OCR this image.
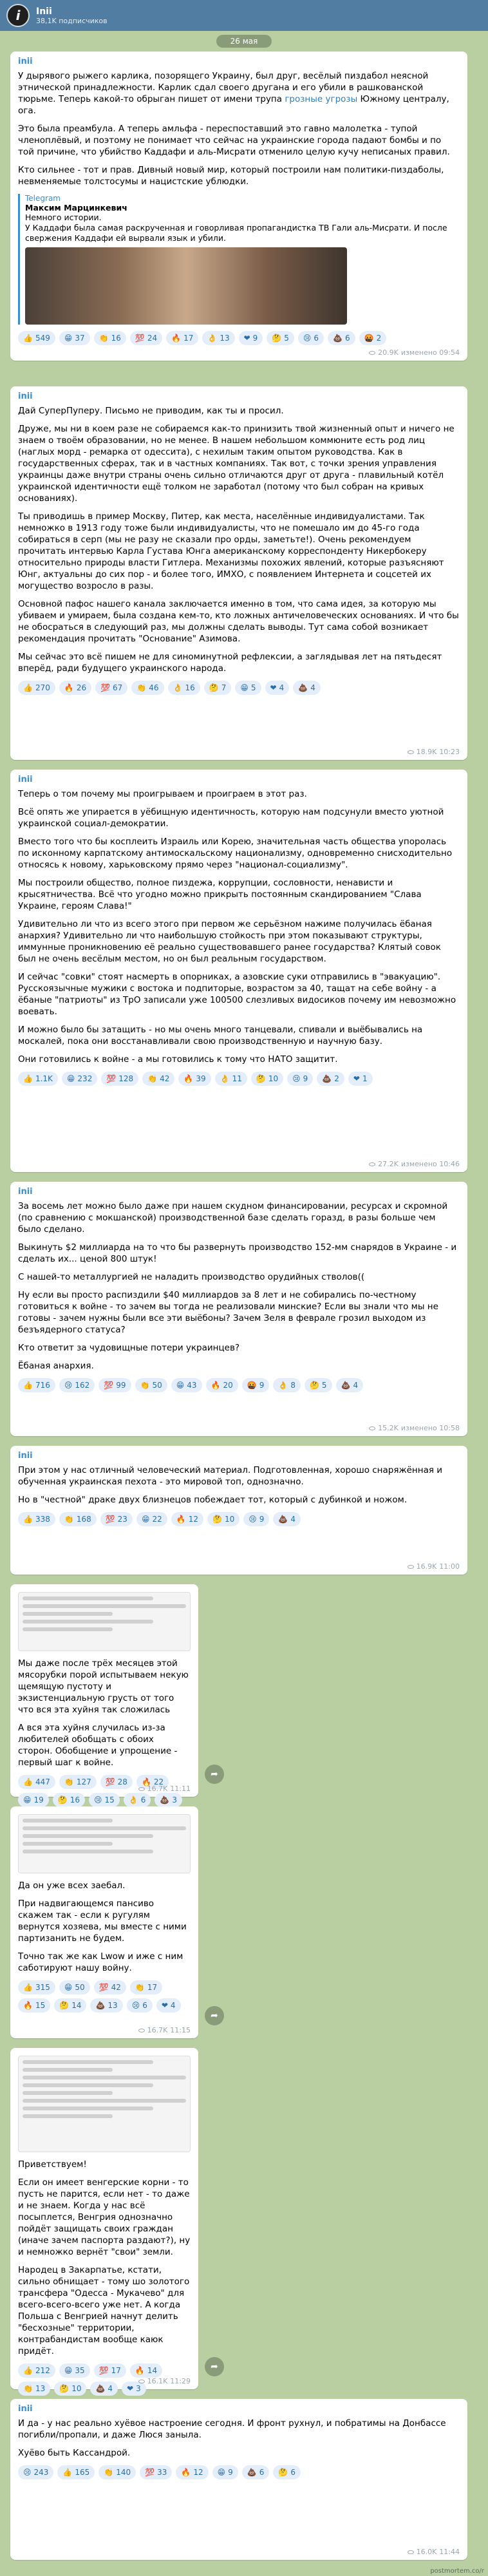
i	Inii
38,1K подписчиков
26 мая
inii

У дырявого рыжего карлика, позорящего Украину, был друг, весёлый пиздабол неясной этнической принадлежности. Карлик сдал своего другана и его убили в рашкованской тюрьме. Теперь какой-то обрыган пишет от имени трупа грозные угрозы Южному централу, ога.

Это была преамбула. А теперь амльфа - переспоставший это гавно малолетка - тупой членоплёвый, и поэтому не понимает что сейчас на украинские города падают бомбы и по той причине, что убийство Каддафи и аль-Мисрати отменило целую кучу неписаных правил.

Кто сильнее - тот и прав. Дивный новый мир, который построили нам политики-пиздаболы, невменяемые толстосумы и нацистские ублюдки.

Telegram
Максим Марцинкевич
Немного истории.
У Каддафи была самая раскрученная и говорливая пропагандистка ТВ Гали аль-Мисрати. И после свержения Каддафи ей вырвали язык и убили.
👍 549 😁 37 👏 16 💯 24 🔥 17 👌 13 ❤ 9 🤔 5 😢 6 💩 6 🤬 2
20.9K изменено 09:54
inii

Дай СуперПуперу. Письмо не приводим, как ты и просил.

Друже, мы ни в коем разе не собираемся как-то принизить твой жизненный опыт и ничего не знаем о твоём образовании, но не менее. В нашем небольшом коммюните есть род лиц (наглых морд - ремарка от одессита), с нехилым таким опытом руководства. Как в государственных сферах, так и в частных компаниях. Так вот, с точки зрения управления украинцы даже внутри страны очень сильно отличаются друг от друга - плавильный котёл украинской идентичности ещё толком не заработал (потому что был собран на кривых основаниях).

Ты приводишь в пример Москву, Питер, как места, населённые индивидуалистами. Так немножко в 1913 году тоже были индивидуалисты, что не помешало им до 45-го года собираться в серп (мы не разу не сказали про орды, заметьте!). Очень рекомендуем прочитать интервью Карла Густава Юнга американскому корреспонденту Никербокеру относительно природы власти Гитлера. Механизмы похожих явлений, которые разъясняют Юнг, актуальны до сих пор - и более того, ИМХО, с появлением Интернета и соцсетей их могущество возросло в разы.

Основной пафос нашего канала заключается именно в том, что сама идея, за которую мы убиваем и умираем, была создана кем-то, кто ложных античеловеческих основаниях. И что бы не обосрaться в следующий раз, мы должны сделать выводы. Тут сама собой возникает рекомендация прочитать "Основание" Азимова.

Мы сейчас это всё пишем не для синоминутной рефлексии, а заглядывая лет на пятьдесят вперёд, ради будущего украинского народа.

👍 270 🔥 26 💯 67 👏 46 👌 16 🤔 7 😁 5 ❤ 4 💩 4
18.9K 10:23
inii

Теперь о том почему мы проигрываем и проиграем в этот раз.

Всё опять же упирается в уёбищную идентичность, которую нам подсунули вместо уютной украинской социал-демократии.

Вместо того что бы косплеить Израиль или Корею, значительная часть общества упоролась по исконному карпатскому антимоскальскому национализму, одновременно снисходительно относясь к новому, харьковскому прямо через "национал-социализму".

Мы построили общество, полное пиздежа, коррупции, сословности, ненависти и крысятничества. Всё что угодно можно прикрыть постоянным скандированием "Слава Украине, героям Слава!"

Удивительно ли что из всего этого при первом же серьёзном нажиме получилась ёбаная анархия? Удивительно ли что наибольшую стойкость при этом показывают структуры, иммунные проникновению её реально существовавшего ранее государства? Клятый совок был не очень весёлым местом, но он был реальным государством.

И сейчас "совки" стоят насмерть в опорниках, а азовские суки отправились в "эвакуацию". Русскоязычные мужики с востока и подпиторые, возрастом за 40, тащат на себе войну - а ёбаные "патриоты" из ТрО записали уже 100500 слезливых видосиков почему им невозможно воевать.

И можно было бы затащить - но мы очень много танцевали, спивали и выёбывались на москалей, пока они восстанавливали свою производственную и научную базу.

Они готовились к войне - а мы готовились к тому что НАТО защитит.

👍 1.1K 😁 232 💯 128 👏 42 🔥 39 👌 11 🤔 10 😢 9 💩 2 ❤ 1
27.2K изменено 10:46
inii

За восемь лет можно было даже при нашем скудном финансировании, ресурсах и скромной (по сравнению с мокшанской) производственной базе сделать горазд, в разы больше чем было сделано.

Выкинуть $2 миллиарда на то что бы развернуть производство 152-мм снарядов в Украине - и сделать их... ценой 800 штук!

С нашей-то металлургией не наладить производство орудийных стволов((

Ну если вы просто распиздили $40 миллиардов за 8 лет и не собирались по-честному готовиться к войне - то зачем вы тогда не реализовали минские? Если вы знали что мы не готовы - зачем нужны были все эти выёбоны? Зачем Зеля в феврале грозил выходом из безъядерного статуса?

Кто ответит за чудовищные потери украинцев?

Ёбаная анархия.

👍 716 😢 162 💯 99 👏 50 😁 43 🔥 20 🤬 9 👌 8 🤔 5 💩 4
15.2K изменено 10:58
inii

При этом у нас отличный человеческий материал. Подготовленная, хорошо снаряжённая и обученная украинская пехота - это мировой топ, однозначно.

Но в "честной" драке двух близнецов побеждает тот, который с дубинкой и ножом.

👍 338 👏 168 💯 23 😁 22 🔥 12 🤔 10 😢 9 💩 4
16.9K 11:00
Мы даже после трёх месяцев этой мясорубки порой испытываем некую щемящую пустоту и экзистенциальную грусть от того что вся эта хуйня так сложилась
А вся эта хуйня случилась из-за любителей обобщать с обоих сторон. Обобщение и упрощение - первый шаг к войне.
👍 447 👏 127 💯 28 🔥 22
😁 19 🤔 16 😢 15 👌 6 💩 3
16.7K 11:11
➦
Да он уже всех заебал.
При надвигающемся пансиво скажем так - если к ругулям вернутся хозяева, мы вместе с ними партизанить не будем.
Точно так же как Lwow и иже с ним саботируют нашу войну.
👍 315 😁 50 💯 42 👏 17
🔥 15 🤔 14 💩 13 😢 6 ❤ 4
16.7K 11:15
➦
Приветствуем!
Если он имеет венгерские корни - то пусть не парится, если нет - то даже и не знаем. Когда у нас всё посыплется, Венгрия однозначно пойдёт защищать своих граждан (иначе зачем паспорта раздают?), ну и немножко вернёт "свои" земли.
Народец в Закарпатье, кстати, сильно обнищает - тому шо золотого трансфера "Одесса - Мукачево" для всего-всего-всего уже нет. А когда Польша с Венгрией начнут делить "бесхозные" территории, контрабандистам вообще каюк придёт.
👍 212 😁 35 💯 17 🔥 14
👏 13 🤔 10 💩 4 ❤ 3
16.1K 11:29
➦
inii

И да - у нас реально хуёвое настроение сегодня. И фронт рухнул, и побратимы на Донбассе погибли/пропали, и даже Люся заныла.

Хуёво быть Кассандрой.

😢 243 👍 165 👏 140 💯 33 🔥 12 😁 9 💩 6 🤔 6
16.0K 11:44
postmortem.co/r
